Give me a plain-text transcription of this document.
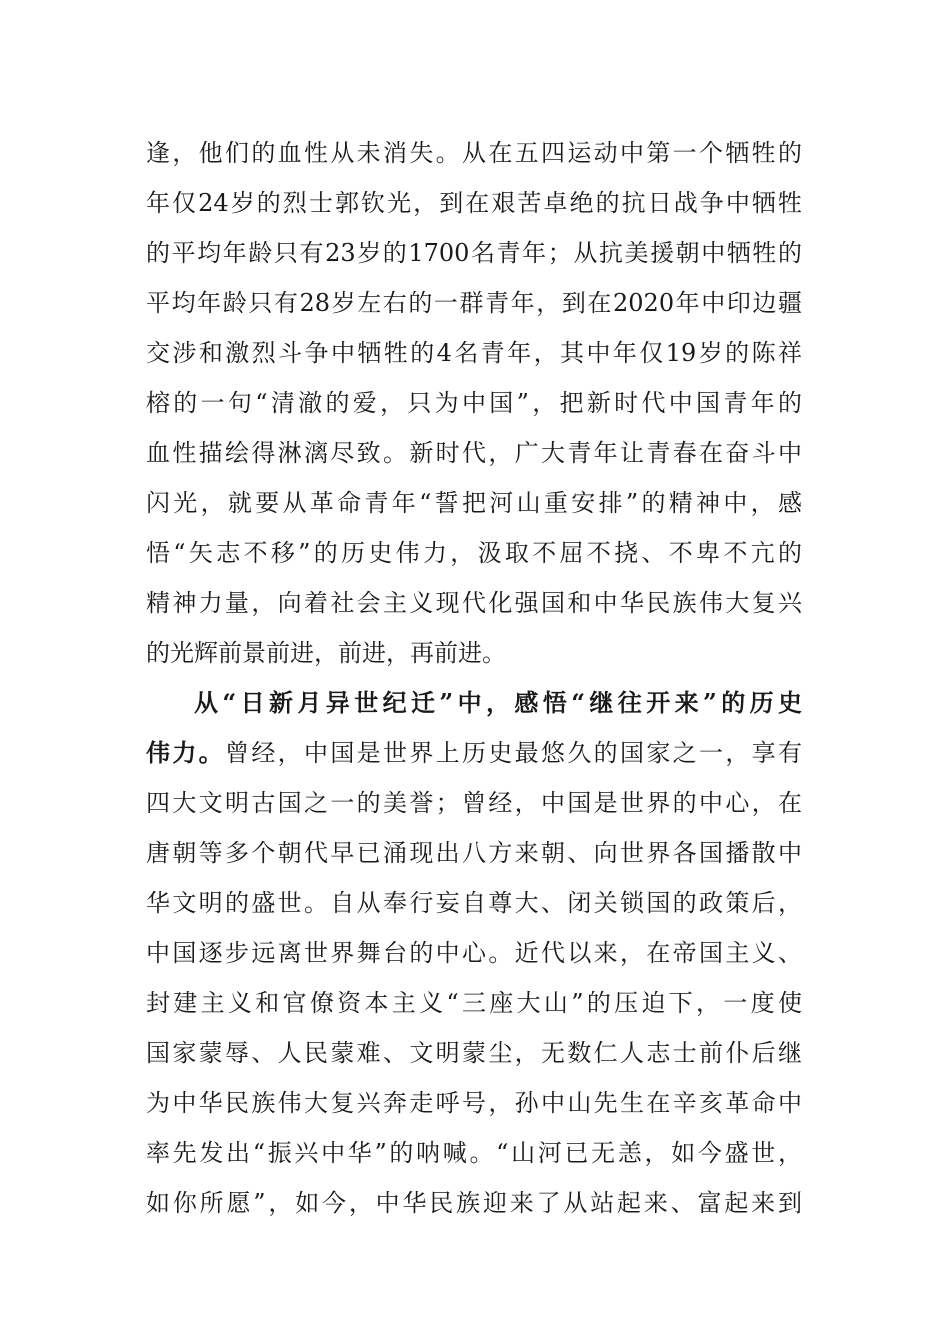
逢，他们的血性从未消失。从在五四运动中第一个牺牲的
年仅24岁的烈士郭钦光，到在艰苦卓绝的抗日战争中牺牲
的平均年龄只有23岁的1700名青年；从抗美援朝中牺牲的
平均年龄只有28岁左右的一群青年，到在2020年中印边疆
交涉和激烈斗争中牺牲的4名青年，其中年仅19岁的陈祥
榕的一句“清澈的爱，只为中国”，把新时代中国青年的
血性描绘得淋漓尽致。新时代，广大青年让青春在奋斗中
闪光，就要从革命青年“誓把河山重安排”的精神中，感
悟“矢志不移”的历史伟力，汲取不屈不挠、不卑不亢的
精神力量，向着社会主义现代化强国和中华民族伟大复兴
的光辉前景前进，前进，再前进。
从“日新月异世纪迁”中，感悟“继往开来”的历史
伟力。曾经，中国是世界上历史最悠久的国家之一，享有
四大文明古国之一的美誉；曾经，中国是世界的中心，在
唐朝等多个朝代早已涌现出八方来朝、向世界各国播散中
华文明的盛世。自从奉行妄自尊大、闭关锁国的政策后，
中国逐步远离世界舞台的中心。近代以来，在帝国主义、
封建主义和官僚资本主义“三座大山”的压迫下，一度使
国家蒙辱、人民蒙难、文明蒙尘，无数仁人志士前仆后继
为中华民族伟大复兴奔走呼号，孙中山先生在辛亥革命中
率先发出“振兴中华”的呐喊。“山河已无恙，如今盛世，
如你所愿”，如今，中华民族迎来了从站起来、富起来到
